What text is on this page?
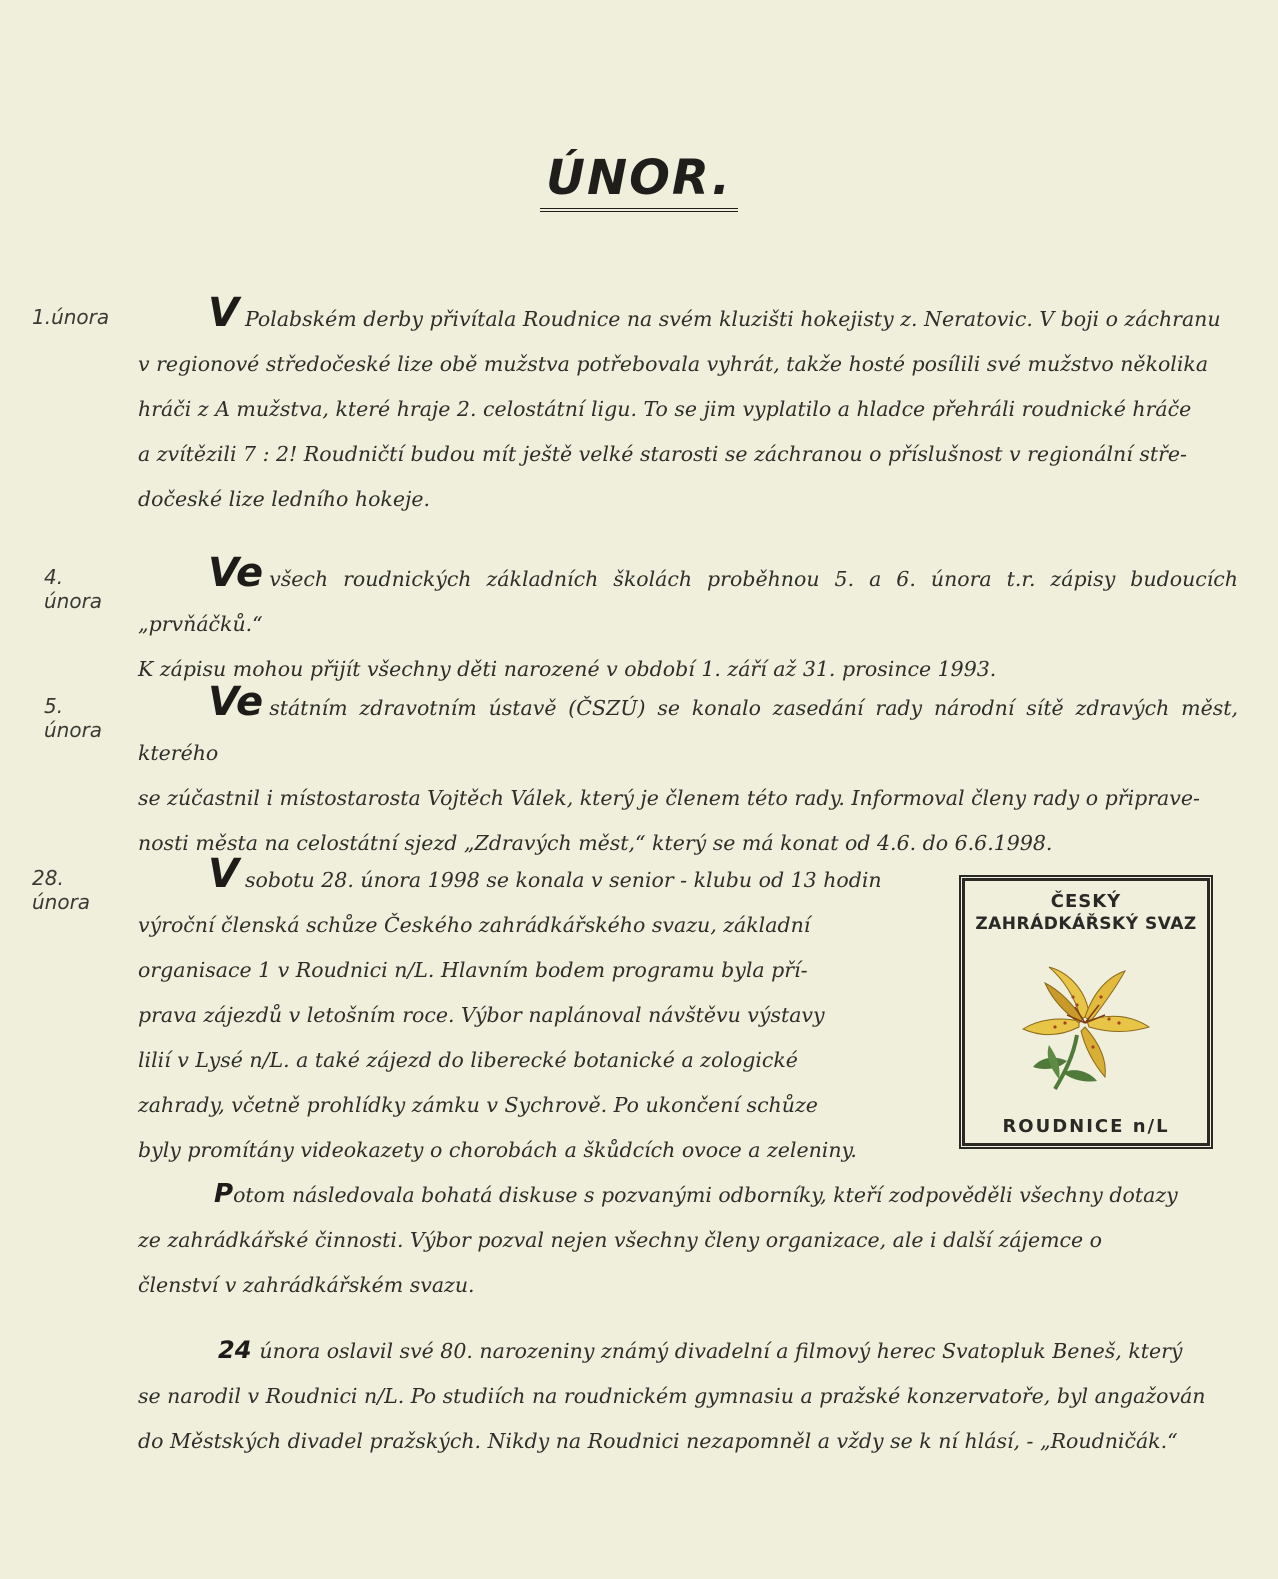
ÚNOR.
1.února	V Polabském derby přivítala Roudnice na svém kluzišti hokejisty z. Neratovic. V boji o záchranu
v regionové středočeské lize obě mužstva potřebovala vyhrát, takže hosté posílili své mužstvo několika
hráči z A mužstva, které hraje 2. celostátní ligu. To se jim vyplatilo a hladce přehráli roudnické hráče
a zvítězili 7 : 2! Roudničtí budou mít ještě velké starosti se záchranou o příslušnost v regionální stře-
dočeské lize ledního hokeje.
4. února
Ve všech roudnických základních školách proběhnou 5. a 6. února t.r. zápisy budoucích „prvňáčků.“
K zápisu mohou přijít všechny děti narozené v období 1. září až 31. prosince 1993.
5. února
Ve státním zdravotním ústavě (ČSZÚ) se konalo zasedání rady národní sítě zdravých měst, kterého
se zúčastnil i místostarosta Vojtěch Válek, který je členem této rady. Informoval členy rady o připrave-
nosti města na celostátní sjezd „Zdravých měst,“ který se má konat od 4.6. do 6.6.1998.
28. února
Vsobotu 28. února 1998 se konala v senior - klubu od 13 hodin
výroční členská schůze Českého zahrádkářského svazu, základní
organisace 1 v Roudnici n/L. Hlavním bodem programu byla pří-
prava zájezdů v letošním roce. Výbor naplánoval návštěvu výstavy
lilií v Lysé n/L. a také zájezd do liberecké botanické a zologické
zahrady, včetně prohlídky zámku v Sychrově. Po ukončení schůze
byly promítány videokazety o chorobách a škůdcích ovoce a zeleniny.
Potom následovala bohatá diskuse s pozvanými odborníky, kteří zodpověděli všechny dotazy
ze zahrádkářské činnosti. Výbor pozval nejen všechny členy organizace, ale i další zájemce o
členství v zahrádkářském svazu.
ČESKÝ
ZAHRÁDKÁŘSKÝ SVAZ
ROUDNICE n/L
24 února oslavil své 80. narozeniny známý divadelní a filmový herec Svatopluk Beneš, který
se narodil v Roudnici n/L. Po studiích na roudnickém gymnasiu a pražské konzervatoře, byl angažován
do Městských divadel pražských. Nikdy na Roudnici nezapomněl a vždy se k ní hlásí, - „Roudničák.“
